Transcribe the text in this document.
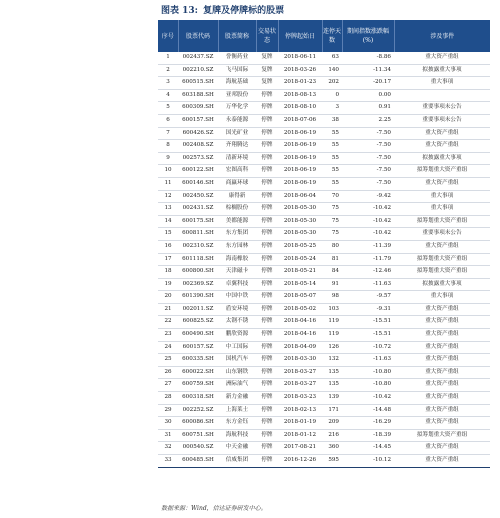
图表 13: 复牌及停牌标的股票
序号	股票代码	股票简称	交易状态	停牌起始日	连停天数	期间指数涨跌幅(%)	涉及事件
1	002437.SZ	誉衡药业	复牌	2018-06-11	63	-8.86	重大资产重组
2	002210.SZ	飞马国际	复牌	2018-03-26	140	-11.34	拟披露重大事项
3	600515.SH	海航基础	复牌	2018-01-23	202	-20.17	重大事项
4	603188.SH	亚邦股份	停牌	2018-08-13	0	0.00	
5	600309.SH	万华化学	停牌	2018-08-10	3	0.91	重要事项未公告
6	600157.SH	永泰能源	停牌	2018-07-06	38	2.25	重要事项未公告
7	600426.SZ	国光矿业	停牌	2018-06-19	55	-7.50	重大资产重组
8	002408.SZ	齐翔腾达	停牌	2018-06-19	55	-7.50	重大资产重组
9	002573.SZ	清新环境	停牌	2018-06-19	55	-7.50	拟披露重大事项
10	600122.SH	宏图高科	停牌	2018-06-19	55	-7.50	拟筹划重大资产重组
11	600146.SH	商赢环球	停牌	2018-06-19	55	-7.50	重大资产重组
12	002450.SZ	康得新	停牌	2018-06-04	70	-9.42	重大事项
13	002431.SZ	棕榈股份	停牌	2018-05-30	75	-10.42	重大事项
14	600175.SH	美都能源	停牌	2018-05-30	75	-10.42	拟筹划重大资产重组
15	600811.SH	东方集团	停牌	2018-05-30	75	-10.42	重要事项未公告
16	002310.SZ	东方园林	停牌	2018-05-25	80	-11.39	重大资产重组
17	601118.SH	海南橡胶	停牌	2018-05-24	81	-11.79	拟筹划重大资产重组
18	600800.SH	天津磁卡	停牌	2018-05-21	84	-12.46	拟筹划重大资产重组
19	002369.SZ	卓翼科技	停牌	2018-05-14	91	-11.63	拟披露重大事项
20	601390.SH	中国中铁	停牌	2018-05-07	98	-9.57	重大事项
21	002011.SZ	盾安环境	停牌	2018-05-02	103	-9.31	重大资产重组
22	600825.SZ	太钢不锈	停牌	2018-04-16	119	-15.51	重大资产重组
23	600490.SH	鹏欣资源	停牌	2018-04-16	119	-15.51	重大资产重组
24	600157.SZ	中工国际	停牌	2018-04-09	126	-10.72	重大资产重组
25	600335.SH	国机汽车	停牌	2018-03-30	132	-11.63	重大资产重组
26	600022.SH	山东钢铁	停牌	2018-03-27	135	-10.80	重大资产重组
27	600759.SH	洲际油气	停牌	2018-03-27	135	-10.80	重大资产重组
28	600318.SH	新力金融	停牌	2018-03-23	139	-10.42	重大资产重组
29	002252.SZ	上海莱士	停牌	2018-02-13	171	-14.48	重大资产重组
30	600086.SH	东方金钰	停牌	2018-01-19	209	-16.29	重大资产重组
31	600751.SH	海航科技	停牌	2018-01-12	216	-18.39	拟筹划重大资产重组
32	000540.SZ	中天金融	停牌	2017-08-21	360	-14.45	重大资产重组
33	600485.SH	信威集团	停牌	2016-12-26	595	-10.12	重大资产重组
数据来源：Wind，信达证券研发中心。
